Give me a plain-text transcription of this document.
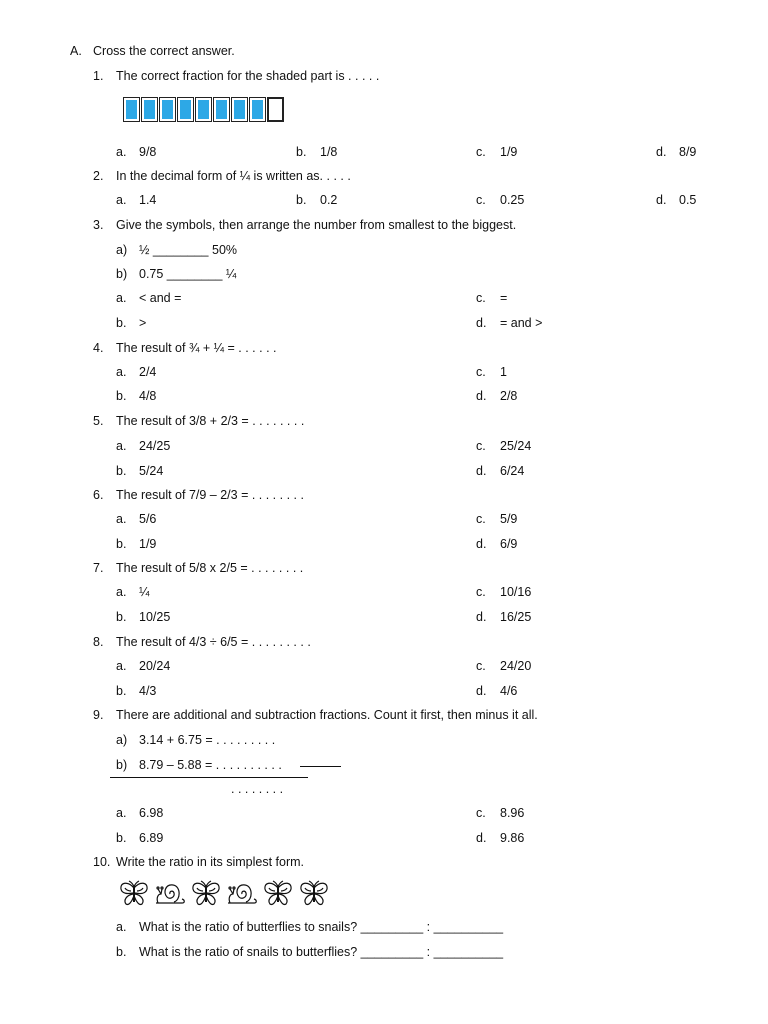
A. Cross the correct answer.
1. The correct fraction for the shaded part is . . . . .
a. 9/8	b. 1/8	c. 1/9	d. 8/9
2. In the decimal form of ¼ is written as. . . . .
a. 1.4	b. 0.2	c. 0.25	d. 0.5
3. Give the symbols, then arrange the number from smallest to the biggest.
a) ½ ________ 50%
b) 0.75 ________ ¼
a. < and =	c. =
b. >	d. = and >
4. The result of ¾ + ¼ = . . . . . .
a. 2/4	c. 1
b. 4/8	d. 2/8
5. The result of 3/8 + 2/3 = . . . . . . . .
a. 24/25	c. 25/24
b. 5/24	d. 6/24
6. The result of 7/9 – 2/3 = . . . . . . . .
a. 5/6	c. 5/9
b. 1/9	d. 6/9
7. The result of 5/8 x 2/5 = . . . . . . . .
a. ¼	c. 10/16
b. 10/25	d. 16/25
8. The result of 4/3 ÷ 6/5 = . . . . . . . . .
a. 20/24	c. 24/20
b. 4/3	d. 4/6
9. There are additional and subtraction fractions. Count it first, then minus it all.
a) 3.14 + 6.75 = . . . . . . . . .
b) 8.79 – 5.88 = . . . . . . . . . .
. . . . . . . .
a. 6.98	c. 8.96
b. 6.89	d. 9.86
10. Write the ratio in its simplest form.
a. What is the ratio of butterflies to snails? _________ : __________
b. What is the ratio of snails to butterflies? _________ : __________
